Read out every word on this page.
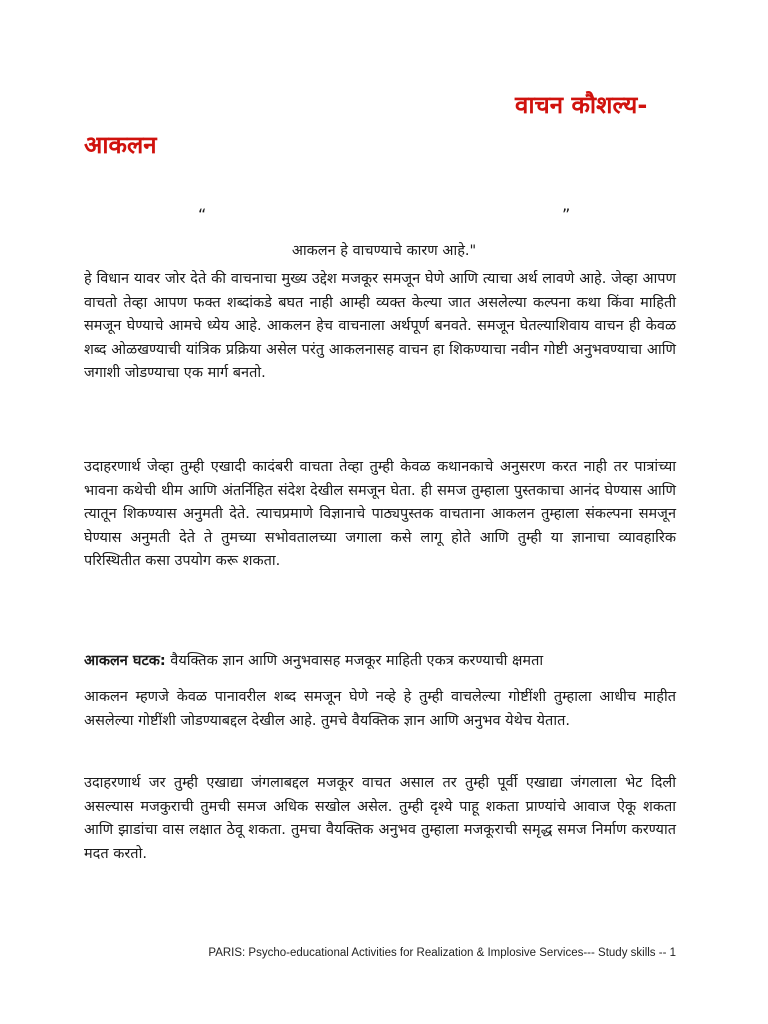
वाचन कौशल्य-
आकलन
“	”
आकलन हे वाचण्याचे कारण आहे."
हे विधान यावर जोर देते की वाचनाचा मुख्य उद्देश मजकूर समजून घेणे आणि त्याचा अर्थ लावणे आहे. जेव्हा आपण वाचतो तेव्हा आपण फक्त शब्दांकडे बघत नाही आम्ही व्यक्त केल्या जात असलेल्या कल्पना कथा किंवा माहिती समजून घेण्याचे आमचे ध्येय आहे. आकलन हेच वाचनाला अर्थपूर्ण बनवते. समजून घेतल्याशिवाय वाचन ही केवळ शब्द ओळखण्याची यांत्रिक प्रक्रिया असेल परंतु आकलनासह वाचन हा शिकण्याचा नवीन गोष्टी अनुभवण्याचा आणि जगाशी जोडण्याचा एक मार्ग बनतो.
उदाहरणार्थ जेव्हा तुम्ही एखादी कादंबरी वाचता तेव्हा तुम्ही केवळ कथानकाचे अनुसरण करत नाही तर पात्रांच्या भावना कथेची थीम आणि अंतर्निहित संदेश देखील समजून घेता. ही समज तुम्हाला पुस्तकाचा आनंद घेण्यास आणि त्यातून शिकण्यास अनुमती देते. त्याचप्रमाणे विज्ञानाचे पाठ्यपुस्तक वाचताना आकलन तुम्हाला संकल्पना समजून घेण्यास अनुमती देते ते तुमच्या सभोवतालच्या जगाला कसे लागू होते आणि तुम्ही या ज्ञानाचा व्यावहारिक परिस्थितीत कसा उपयोग करू शकता.
आकलन घटक: वैयक्तिक ज्ञान आणि अनुभवासह मजकूर माहिती एकत्र करण्याची क्षमता
आकलन म्हणजे केवळ पानावरील शब्द समजून घेणे नव्हे हे तुम्ही वाचलेल्या गोष्टींशी तुम्हाला आधीच माहीत असलेल्या गोष्टींशी जोडण्याबद्दल देखील आहे. तुमचे वैयक्तिक ज्ञान आणि अनुभव येथेच येतात.
उदाहरणार्थ जर तुम्ही एखाद्या जंगलाबद्दल मजकूर वाचत असाल तर तुम्ही पूर्वी एखाद्या जंगलाला भेट दिली असल्यास मजकुराची तुमची समज अधिक सखोल असेल. तुम्ही दृश्ये पाहू शकता प्राण्यांचे आवाज ऐकू शकता आणि झाडांचा वास लक्षात ठेवू शकता. तुमचा वैयक्तिक अनुभव तुम्हाला मजकूराची समृद्ध समज निर्माण करण्यात मदत करतो.
PARIS: Psycho-educational Activities for Realization & Implosive Services--- Study skills -- 1
